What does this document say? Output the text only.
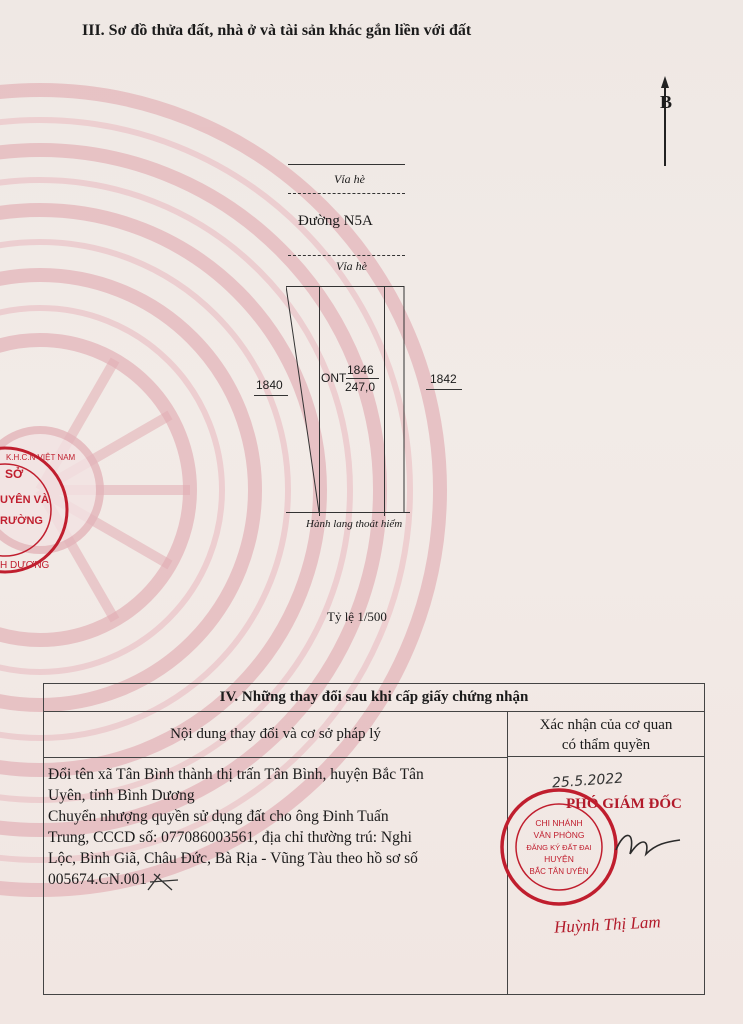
III. Sơ đồ thửa đất, nhà ở và tài sản khác gắn liền với đất
B
Vỉa hè
Đường N5A
Vỉa hè
1840	1842
ONT
1846
247,0
Hành lang thoát hiểm
Tỷ lệ 1/500
SỞ
UYÊN VÀ
RƯỜNG
H DƯƠNG
K.H.C.N VIỆT NAM
IV. Những thay đổi sau khi cấp giấy chứng nhận
Nội dung thay đổi và cơ sở pháp lý
Xác nhận của cơ quan
có thẩm quyền
Đổi tên xã Tân Bình thành thị trấn Tân Bình, huyện Bắc Tân
Uyên, tỉnh Bình Dương
Chuyển nhượng quyền sử dụng đất cho ông Đinh Tuấn
Trung, CCCD số: 077086003561, địa chỉ thường trú: Nghi
Lộc, Bình Giã, Châu Đức, Bà Rịa - Vũng Tàu theo hồ sơ số
005674.CN.001
25.5.2022
PHÓ GIÁM ĐỐC
CHI NHÁNH
VĂN PHÒNG
ĐĂNG KÝ ĐẤT ĐAI
HUYỆN
BẮC TÂN UYÊN
Huỳnh Thị Lam
